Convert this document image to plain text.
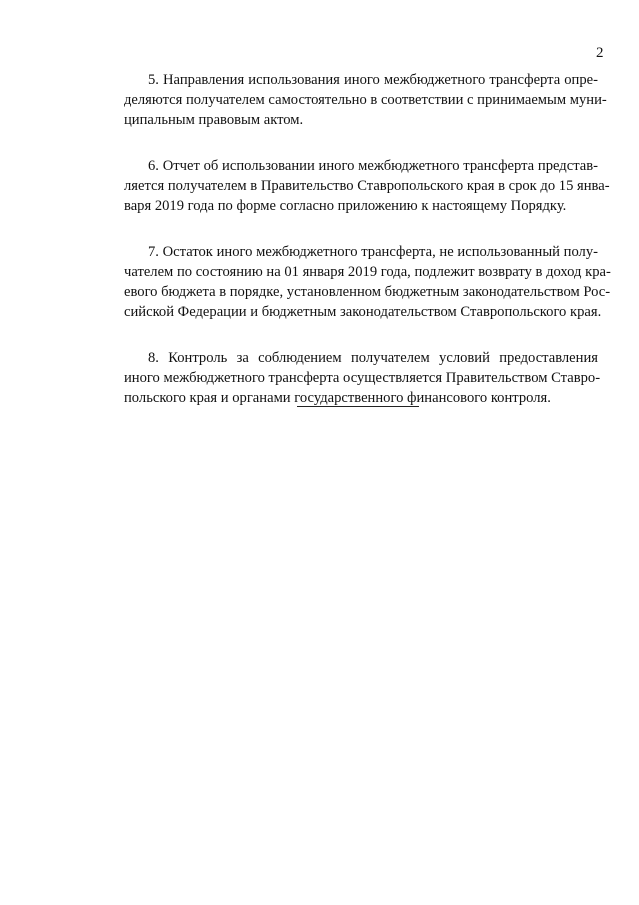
2
5. Направления использования иного межбюджетного трансферта опре-
деляются получателем самостоятельно в соответствии с принимаемым муни-
ципальным правовым актом.
6. Отчет об использовании иного межбюджетного трансферта представ-
ляется получателем в Правительство Ставропольского края в срок до 15 янва-
варя 2019 года по форме согласно приложению к настоящему Порядку.
7. Остаток иного межбюджетного трансферта, не использованный полу-
чателем по состоянию на 01 января 2019 года, подлежит возврату в доход кра-
евого бюджета в порядке, установленном бюджетным законодательством Рос-
сийской Федерации и бюджетным законодательством Ставропольского края.
8. Контроль за соблюдением получателем условий предоставления
иного межбюджетного трансферта осуществляется Правительством Ставро-
польского края и органами государственного финансового контроля.
